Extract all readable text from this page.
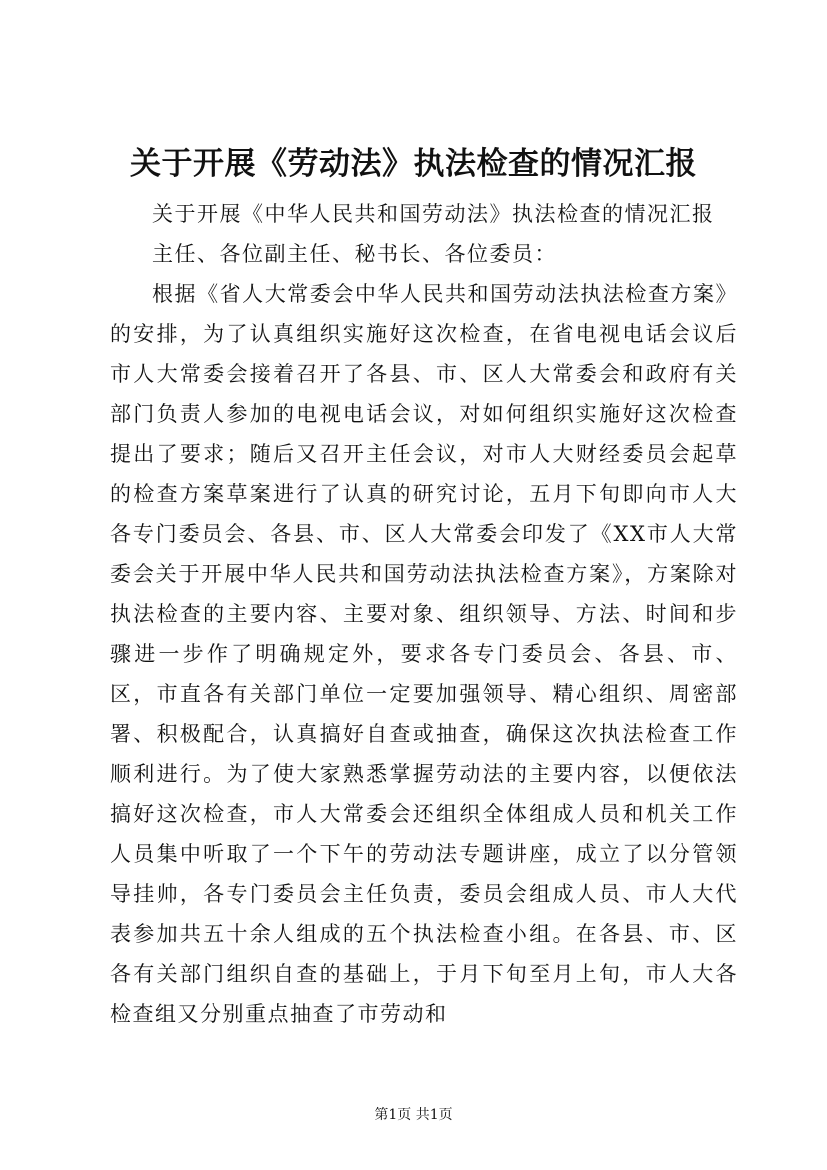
关于开展《劳动法》执法检查的情况汇报

关于开展《中华人民共和国劳动法》执法检查的情况汇报

主任、各位副主任、秘书长、各位委员：

根据《省人大常委会中华人民共和国劳动法执法检查方案》的安排，为了认真组织实施好这次检查，在省电视电话会议后市人大常委会接着召开了各县、市、区人大常委会和政府有关部门负责人参加的电视电话会议，对如何组织实施好这次检查提出了要求；随后又召开主任会议，对市人大财经委员会起草的检查方案草案进行了认真的研究讨论，五月下旬即向市人大各专门委员会、各县、市、区人大常委会印发了《XX市人大常委会关于开展中华人民共和国劳动法执法检查方案》，方案除对执法检查的主要内容、主要对象、组织领导、方法、时间和步骤进一步作了明确规定外，要求各专门委员会、各县、市、区，市直各有关部门单位一定要加强领导、精心组织、周密部署、积极配合，认真搞好自查或抽查，确保这次执法检查工作顺利进行。为了使大家熟悉掌握劳动法的主要内容，以便依法搞好这次检查，市人大常委会还组织全体组成人员和机关工作人员集中听取了一个下午的劳动法专题讲座，成立了以分管领导挂帅，各专门委员会主任负责，委员会组成人员、市人大代表参加共五十余人组成的五个执法检查小组。在各县、市、区各有关部门组织自查的基础上，于月下旬至月上旬，市人大各检查组又分别重点抽查了市劳动和

第1页 共1页
